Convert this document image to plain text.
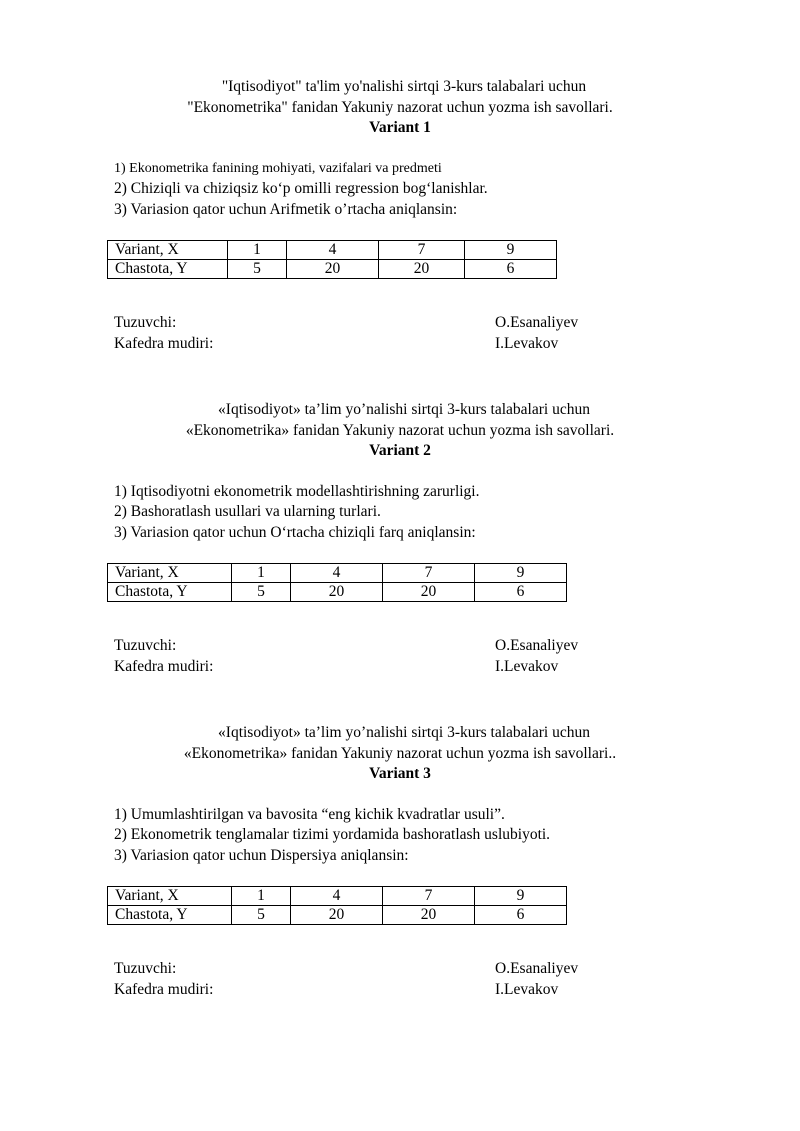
"Iqtisodiyot" ta'lim yo'nalishi sirtqi 3-kurs talabalari uchun
"Ekonometrika" fanidan Yakuniy nazorat uchun yozma ish savollari.
Variant 1
1) Ekonometrika fanining mohiyati, vazifalari va predmeti
2) Chiziqli va chiziqsiz ko‘p omilli regression bog‘lanishlar.
3) Variasion qator uchun Arifmetik o’rtacha aniqlansin:
Variant, X	1	4	7	9
Chastota, Y	5	20	20	6
Tuzuvchi:	O.Esanaliyev
Kafedra mudiri:	I.Levakov
«Iqtisodiyot» ta’lim yo’nalishi sirtqi 3-kurs talabalari uchun
«Ekonometrika» fanidan Yakuniy nazorat uchun yozma ish savollari.
Variant 2
1) Iqtisodiyotni ekonometrik modellashtirishning zarurligi.
2) Bashoratlash usullari va ularning turlari.
3) Variasion qator uchun O‘rtacha chiziqli farq aniqlansin:
Variant, X	1	4	7	9
Chastota, Y	5	20	20	6
Tuzuvchi:	O.Esanaliyev
Kafedra mudiri:	I.Levakov
«Iqtisodiyot» ta’lim yo’nalishi sirtqi 3-kurs talabalari uchun
«Ekonometrika» fanidan Yakuniy nazorat uchun yozma ish savollari..
Variant 3
1) Umumlashtirilgan va bavosita “eng kichik kvadratlar usuli”.
2) Ekonometrik tenglamalar tizimi yordamida bashoratlash uslubiyoti.
3) Variasion qator uchun Dispersiya aniqlansin:
Variant, X	1	4	7	9
Chastota, Y	5	20	20	6
Tuzuvchi:	O.Esanaliyev
Kafedra mudiri:	I.Levakov
